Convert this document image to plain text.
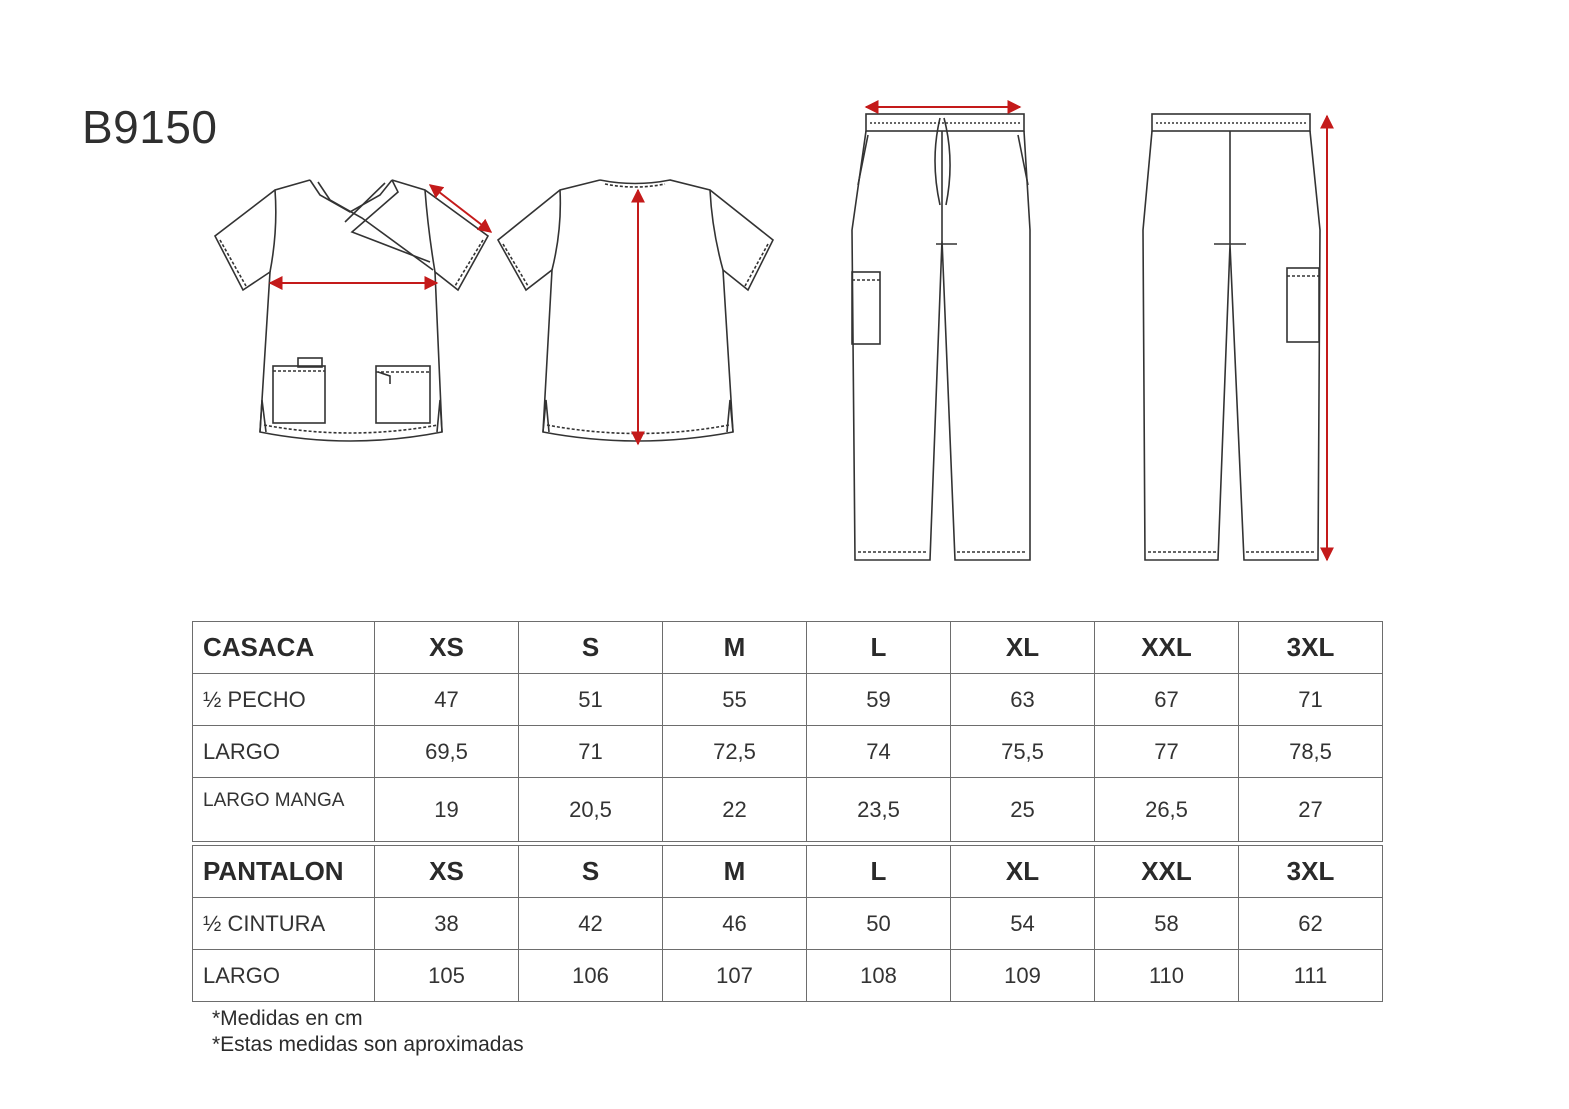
B9150
CASACA	XS	S	M	L	XL	XXL	3XL
½ PECHO	47	51	55	59	63	67	71
LARGO	69,5	71	72,5	74	75,5	77	78,5
LARGO MANGA	19	20,5	22	23,5	25	26,5	27
PANTALON	XS	S	M	L	XL	XXL	3XL
½ CINTURA	38	42	46	50	54	58	62
LARGO	105	106	107	108	109	110	111
*Medidas en cm
*Estas medidas son aproximadas
